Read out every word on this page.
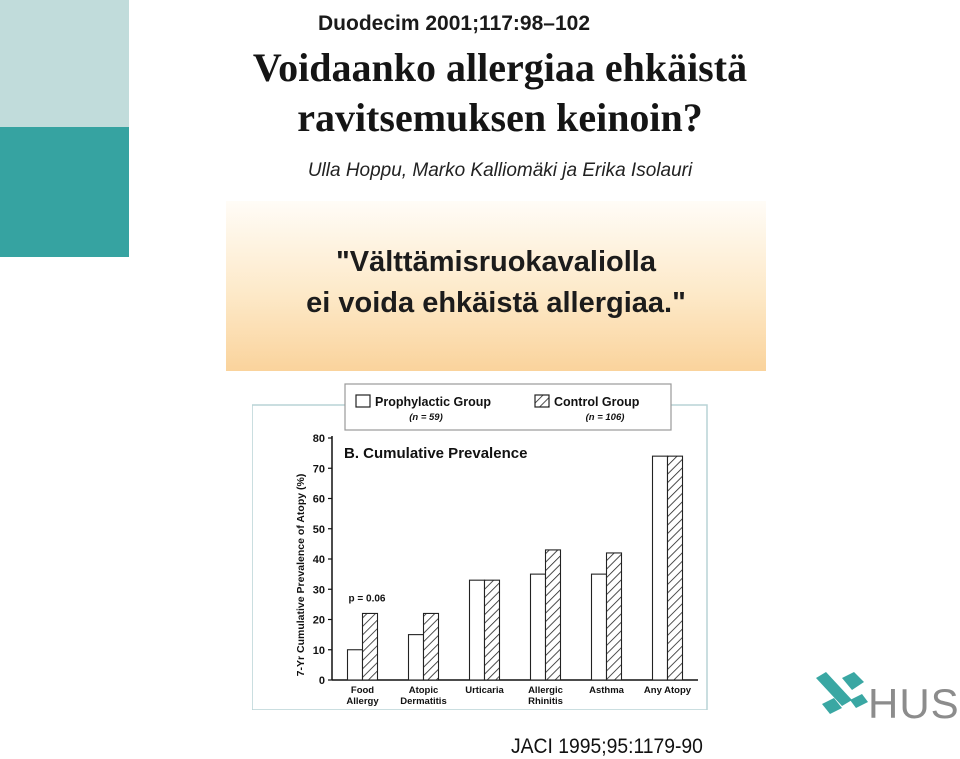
Duodecim 2001;117:98–102
Voidaanko allergiaa ehkäistä
ravitsemuksen keinoin?
Ulla Hoppu, Marko Kalliomäki ja Erika Isolauri
"Välttämisruokavaliolla
ei voida ehkäistä allergiaa."
Prophylactic Group
(n = 59)
Control Group
(n = 106)
B. Cumulative Prevalence
7-Yr Cumulative Prevalence of Atopy (%)
0
10
20
30
40
50
60
70
80
Food
Allergy
Atopic
Dermatitis
Urticaria	Allergic
Rhinitis
Asthma Any Atopy
p = 0.06
JACI 1995;95:1179-90
HUS
